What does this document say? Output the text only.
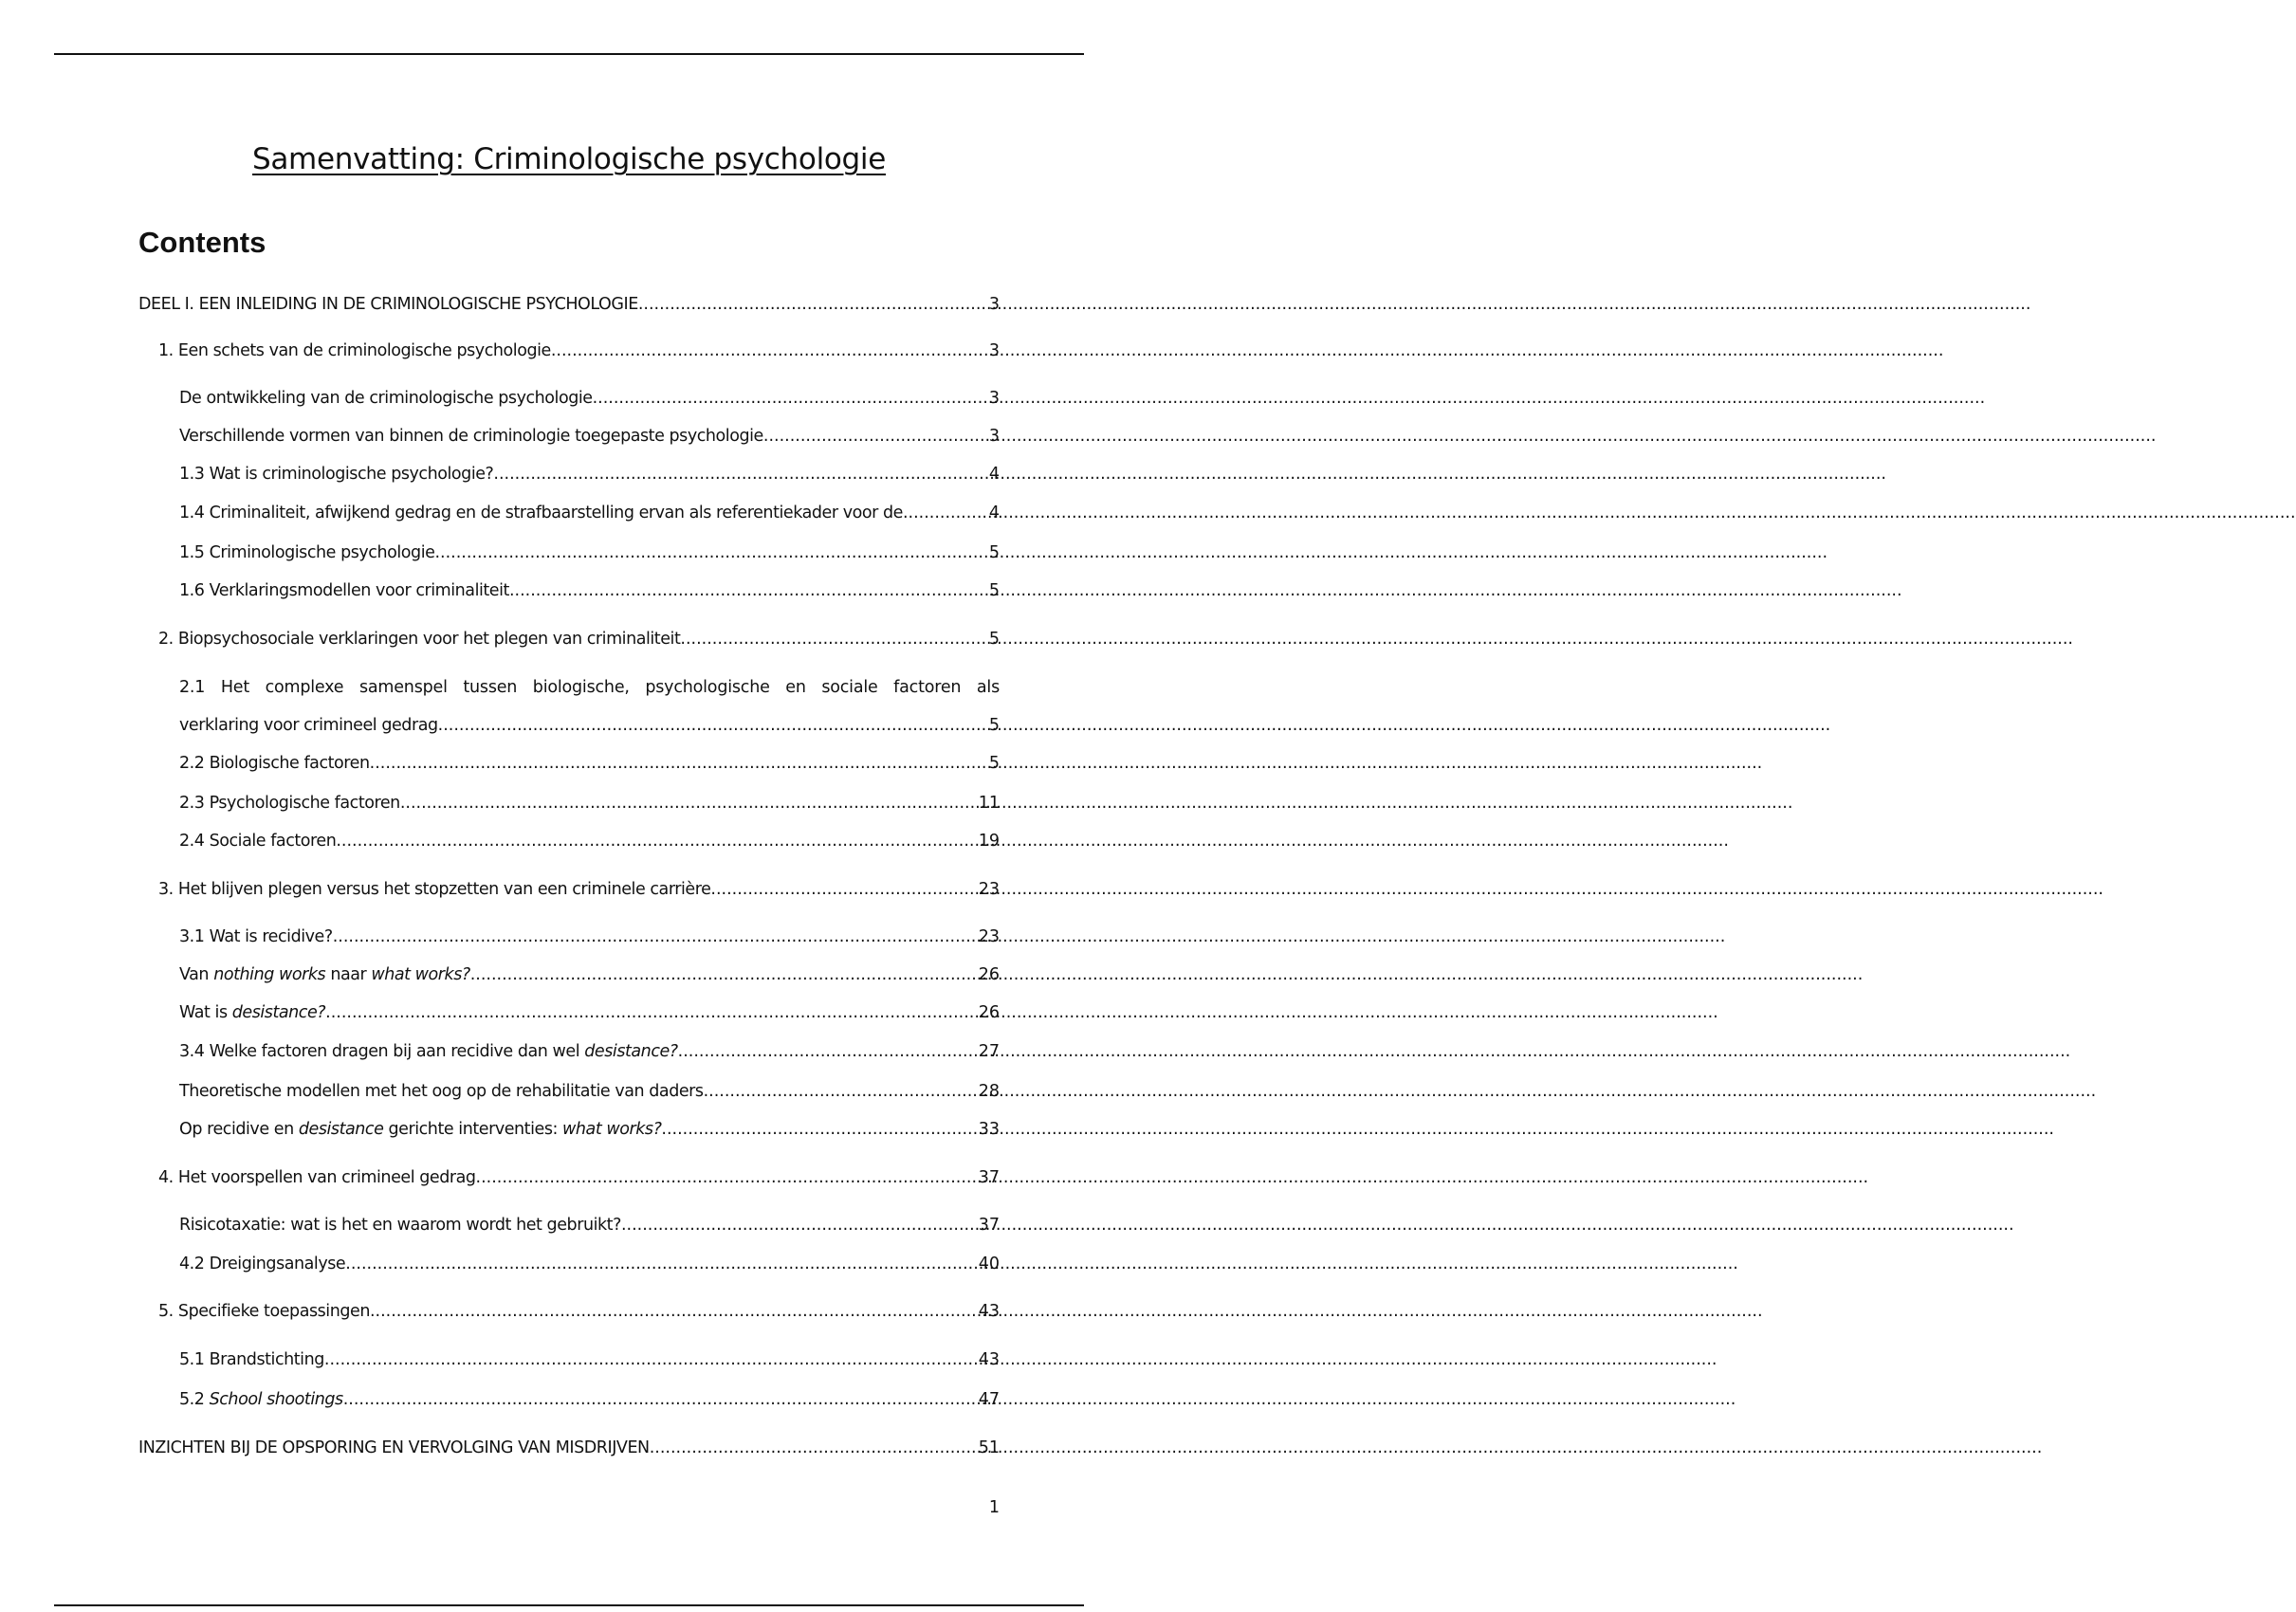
Samenvatting: Criminologische psychologie
Contents
DEEL I. EEN INLEIDING IN DE CRIMINOLOGISCHE PSYCHOLOGIE .....	3
1. Een schets van de criminologische psychologie .....	3
De ontwikkeling van de criminologische psychologie .....	3
Verschillende vormen van binnen de criminologie toegepaste psychologie .....	3
1.3 Wat is criminologische psychologie? .....	4
1.4 Criminaliteit, afwijkend gedrag en de strafbaarstelling ervan als referentiekader voor de .....	4
1.5 Criminologische psychologie .....	5
1.6 Verklaringsmodellen voor criminaliteit .....	5
2. Biopsychosociale verklaringen voor het plegen van criminaliteit .....	5
2.1 Het complexe samenspel tussen biologische, psychologische en sociale factoren als
verklaring voor crimineel gedrag .....	5
2.2 Biologische factoren .....	5
2.3 Psychologische factoren .....	11
2.4 Sociale factoren .....	19
3. Het blijven plegen versus het stopzetten van een criminele carrière .....	23
3.1 Wat is recidive? .....	23
Van nothing works naar what works? .....	26
Wat is desistance? .....	26
3.4 Welke factoren dragen bij aan recidive dan wel desistance? .....	27
Theoretische modellen met het oog op de rehabilitatie van daders .....	28
Op recidive en desistance gerichte interventies: what works? .....	33
4. Het voorspellen van crimineel gedrag .....	37
Risicotaxatie: wat is het en waarom wordt het gebruikt? .....	37
4.2 Dreigingsanalyse .....	40
5. Specifieke toepassingen .....	43
5.1 Brandstichting .....	43
5.2 School shootings .....	47
INZICHTEN BIJ DE OPSPORING EN VERVOLGING VAN MISDRIJVEN .....	51
1
